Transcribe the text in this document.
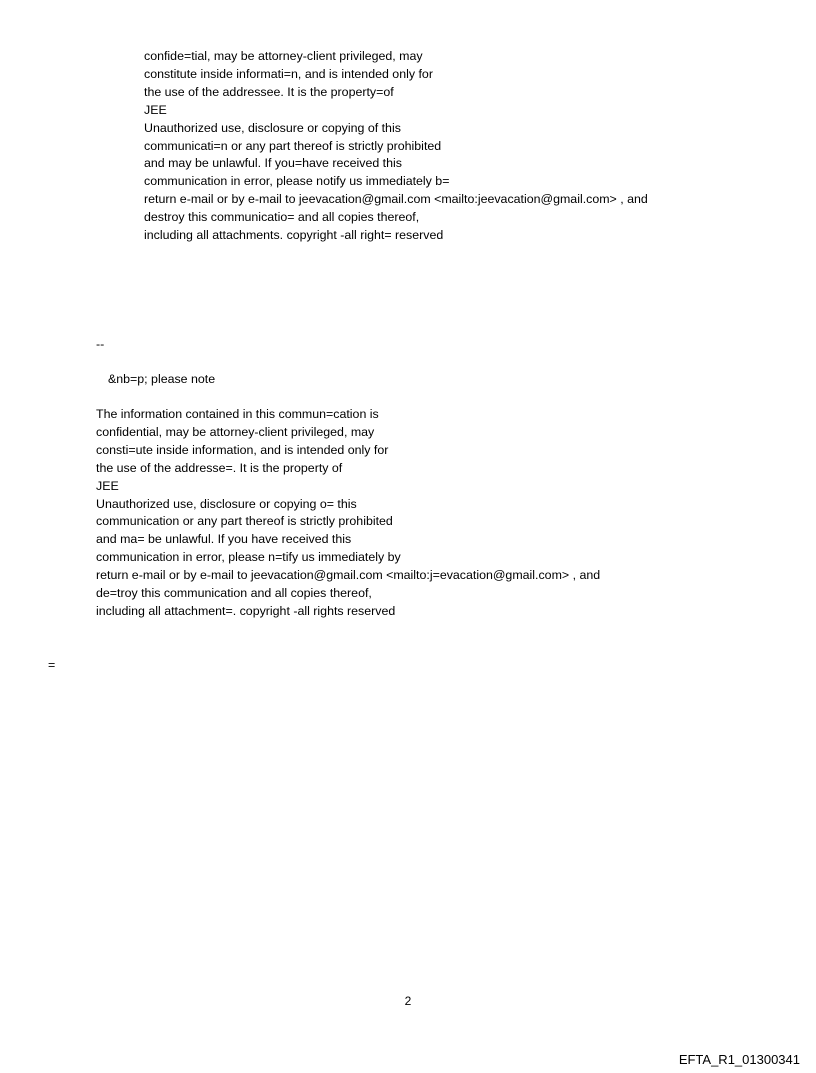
confide=tial, may be attorney-client privileged, may
constitute inside informati=n, and is intended only for
the use of the addressee. It is the property=of
JEE
Unauthorized use, disclosure or copying of this
communicati=n or any part thereof is strictly prohibited
and may be unlawful. If you=have received this
communication in error, please notify us immediately b=
return e-mail or by e-mail to jeevacation@gmail.com <mailto:jeevacation@gmail.com> , and
destroy this communicatio= and all copies thereof,
including all attachments. copyright -all right= reserved
--
&nb=p; please note
The information contained in this commun=cation is
confidential, may be attorney-client privileged, may
consti=ute inside information, and is intended only for
the use of the addresse=. It is the property of
JEE
Unauthorized use, disclosure or copying o= this
communication or any part thereof is strictly prohibited
and ma= be unlawful. If you have received this
communication in error, please n=tify us immediately by
return e-mail or by e-mail to jeevacation@gmail.com <mailto:j=evacation@gmail.com> , and
de=troy this communication and all copies thereof,
including all attachment=. copyright -all rights reserved
=
2
EFTA_R1_01300341
